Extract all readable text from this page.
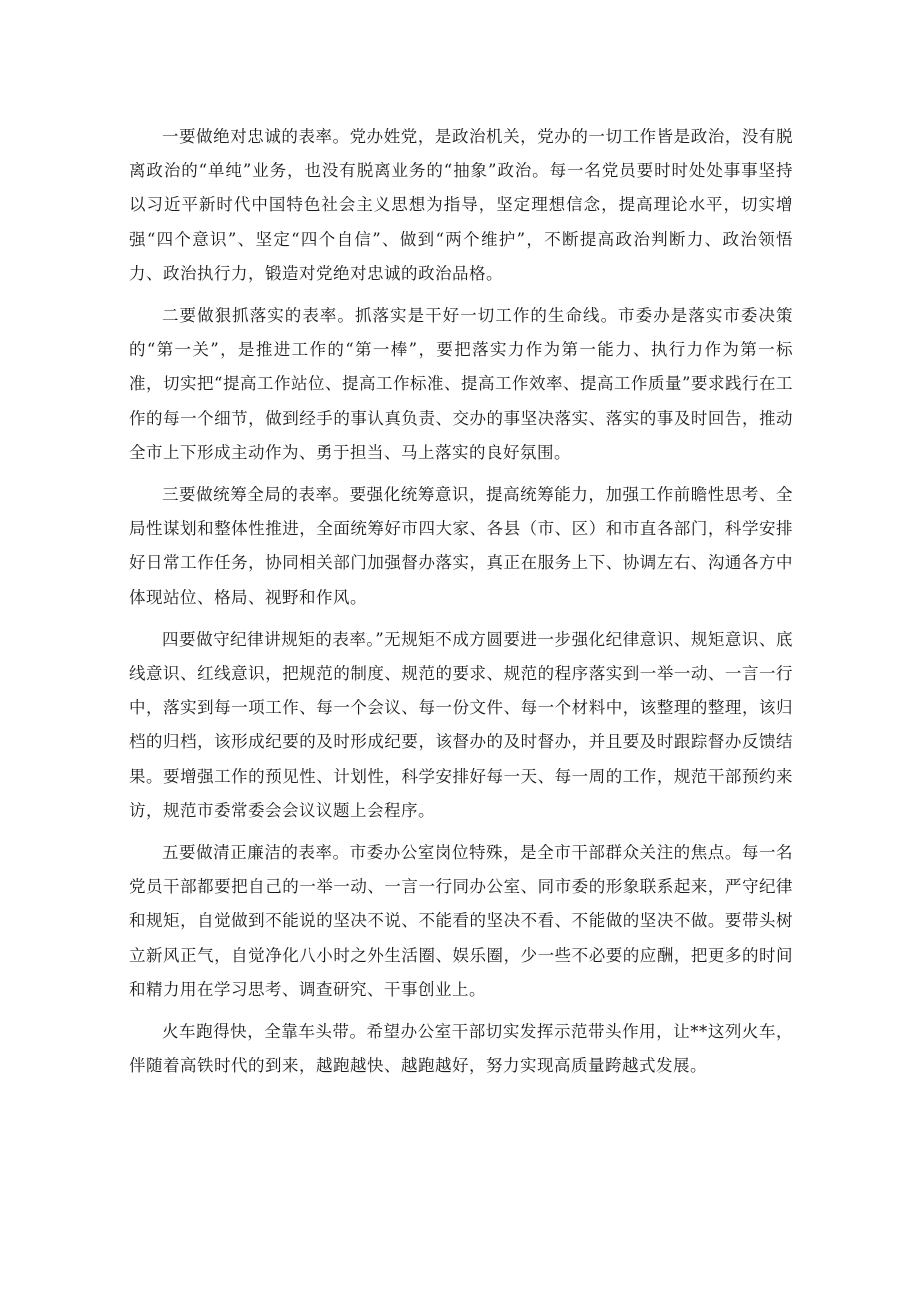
一要做绝对忠诚的表率。党办姓党，是政治机关，党办的一切工作皆是政治，没有脱离政治的“单纯”业务，也没有脱离业务的“抽象”政治。每一名党员要时时处处事事坚持以习近平新时代中国特色社会主义思想为指导，坚定理想信念，提高理论水平，切实增强“四个意识”、坚定“四个自信”、做到“两个维护”，不断提高政治判断力、政治领悟力、政治执行力，锻造对党绝对忠诚的政治品格。

二要做狠抓落实的表率。抓落实是干好一切工作的生命线。市委办是落实市委决策的“第一关”，是推进工作的“第一棒”，要把落实力作为第一能力、执行力作为第一标准，切实把“提高工作站位、提高工作标准、提高工作效率、提高工作质量”要求践行在工作的每一个细节，做到经手的事认真负责、交办的事坚决落实、落实的事及时回告，推动全市上下形成主动作为、勇于担当、马上落实的良好氛围。

三要做统筹全局的表率。要强化统筹意识，提高统筹能力，加强工作前瞻性思考、全局性谋划和整体性推进，全面统筹好市四大家、各县（市、区）和市直各部门，科学安排好日常工作任务，协同相关部门加强督办落实，真正在服务上下、协调左右、沟通各方中体现站位、格局、视野和作风。

四要做守纪律讲规矩的表率。”无规矩不成方圆要进一步强化纪律意识、规矩意识、底线意识、红线意识，把规范的制度、规范的要求、规范的程序落实到一举一动、一言一行中，落实到每一项工作、每一个会议、每一份文件、每一个材料中，该整理的整理，该归档的归档，该形成纪要的及时形成纪要，该督办的及时督办，并且要及时跟踪督办反馈结果。要增强工作的预见性、计划性，科学安排好每一天、每一周的工作，规范干部预约来访，规范市委常委会会议议题上会程序。

五要做清正廉洁的表率。市委办公室岗位特殊，是全市干部群众关注的焦点。每一名党员干部都要把自己的一举一动、一言一行同办公室、同市委的形象联系起来，严守纪律和规矩，自觉做到不能说的坚决不说、不能看的坚决不看、不能做的坚决不做。要带头树立新风正气，自觉净化八小时之外生活圈、娱乐圈，少一些不必要的应酬，把更多的时间和精力用在学习思考、调查研究、干事创业上。

火车跑得快，全靠车头带。希望办公室干部切实发挥示范带头作用，让**这列火车，伴随着高铁时代的到来，越跑越快、越跑越好，努力实现高质量跨越式发展。
